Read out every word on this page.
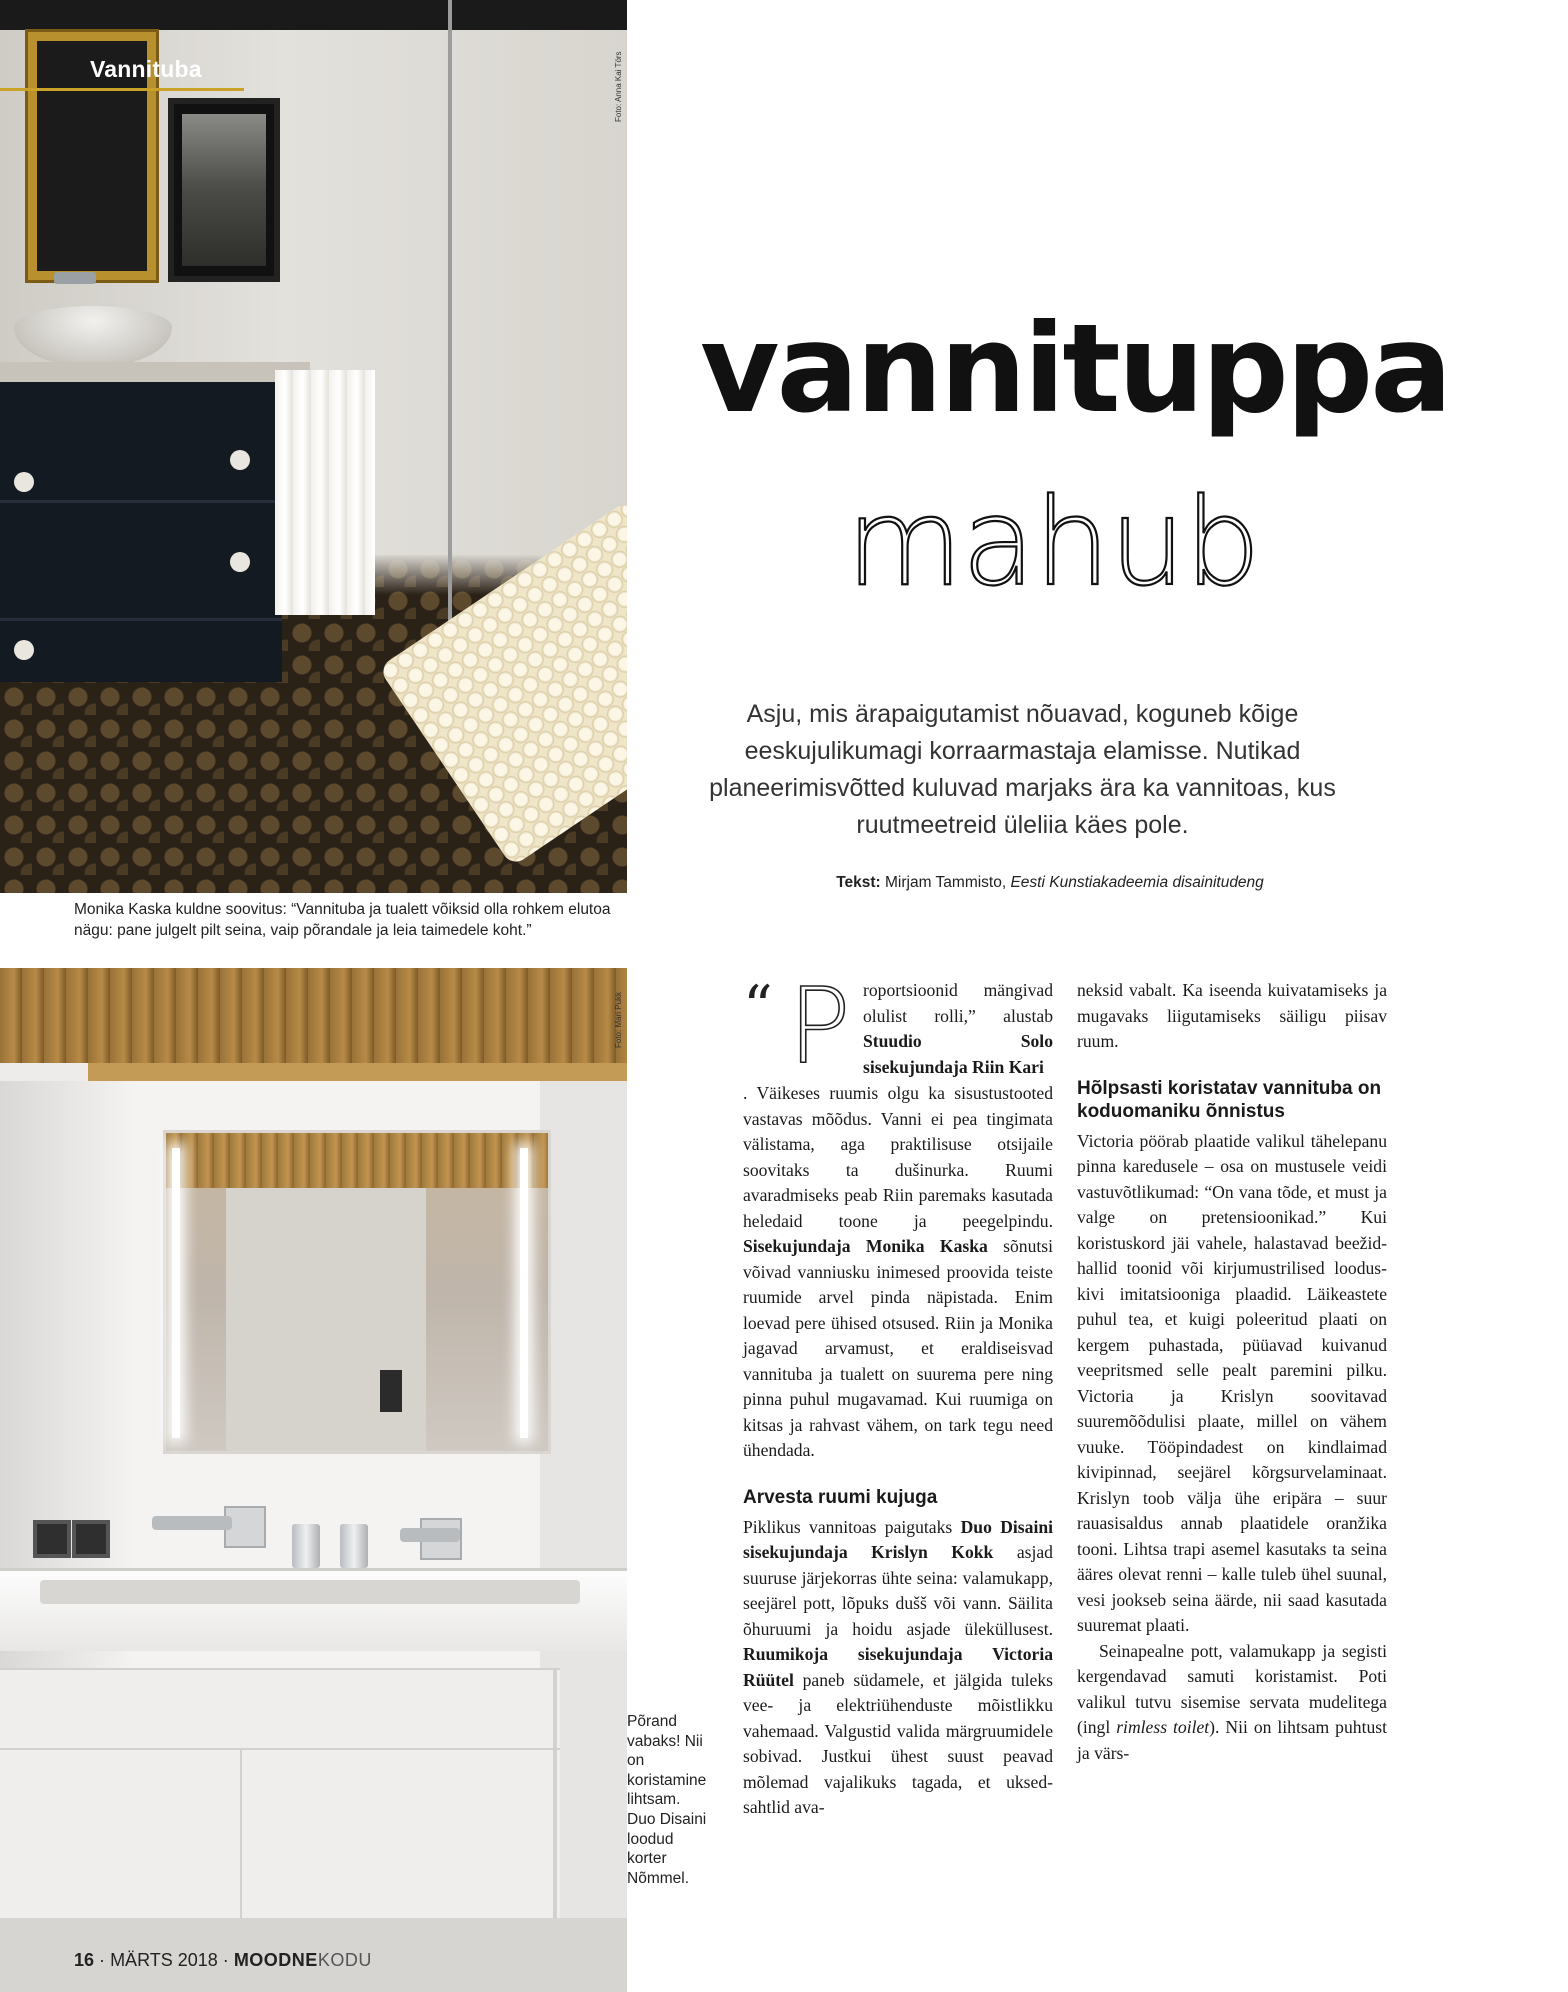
Foto: Anna Kai Törs
Vannituba
Foto: Mari Pukk
Väiksessegi
vannituppa
mahub
Asju, mis ärapaigutamist nõuavad, koguneb kõige eeskujulikumagi korraarmastaja elamisse. Nutikad planeerimisvõtted kuluvad marjaks ära ka vannitoas, kus ruutmeetreid üleliia käes pole.
Tekst: Mirjam Tammisto, Eesti Kunstiakadeemia disainitudeng
Monika Kaska kuldne soovitus: “Vannituba ja tualett võiksid olla rohkem elutoa nägu: pane julgelt pilt seina, vaip põrandale ja leia taimedele koht.”
Põrand vabaks! Nii on koristamine lihtsam. Duo Disaini loodud korter Nõmmel.
“ P roportsioonid mängivad olulist rolli,” alustab Stuudio Solo sisekujundaja Riin Kari

. Väikeses ruumis olgu ka sisustustooted vastavas mõõdus. Vanni ei pea tingimata välistama, aga praktilisuse otsijaile soovitaks ta dušinurka. Ruumi avaradmiseks peab Riin paremaks kasutada heledaid toone ja peegelpindu. Sisekujundaja Monika Kaska sõnutsi võivad vanniusku inimesed proovida teiste ruumide arvel pinda näpistada. Enim loevad pere ühised otsused. Riin ja Monika jagavad arvamust, et eraldiseisvad vannituba ja tualett on suurema pere ning pinna puhul mugavamad. Kui ruumiga on kitsas ja rahvast vähem, on tark tegu need ühendada.

Arvesta ruumi kujuga

Piklikus vannitoas paigutaks Duo Disaini sisekujundaja Krislyn Kokk asjad suuruse järjekorras ühte seina: valamukapp, seejärel pott, lõpuks dušš või vann. Säilita õhuruumi ja hoidu asjade üleküllusest. Ruumikoja sisekujundaja Victoria Rüütel paneb südamele, et jälgida tuleks vee- ja elektriühenduste mõistlikku vahemaad. Valgustid valida märgruumidele sobivad. Justkui ühest suust peavad mõlemad vajalikuks tagada, et uksed-sahtlid ava-

neksid vabalt. Ka iseenda kuivatamiseks ja mugavaks liigutamiseks säiligu piisav ruum.

Hõlpsasti koristatav vannituba on koduomaniku õnnistus

Victoria pöörab plaatide valikul tähelepanu pinna karedusele – osa on mustusele veidi vastuvõtlikumad: “On vana tõde, et must ja valge on pretensioonikad.” Kui koristuskord jäi vahele, halastavad beežid-hallid toonid või kirjumustrilised looduskivi imitatsiooniga plaadid. Läikeastete puhul tea, et kuigi poleeritud plaati on kergem puhastada, püüavad kuivanud veepritsmed selle pealt paremini pilku. Victoria ja Krislyn soovitavad suuremõõdulisi plaate, millel on vähem vuuke. Tööpindadest on kindlaimad kivipinnad, seejärel kõrgsurvelaminaat. Krislyn toob välja ühe eripära – suur rauasisaldus annab plaatidele oranžika tooni. Lihtsa trapi asemel kasutaks ta seina ääres olevat renni – kalle tuleb ühel suunal, vesi jookseb seina äärde, nii saad kasutada suuremat plaati.

Seinapealne pott, valamukapp ja segisti kergendavad samuti koristamist. Poti valikul tutvu sisemise servata mudelitega (ingl rimless toilet). Nii on lihtsam puhtust ja värs-

16 · MÄRTS 2018 · MOODNEKODU
